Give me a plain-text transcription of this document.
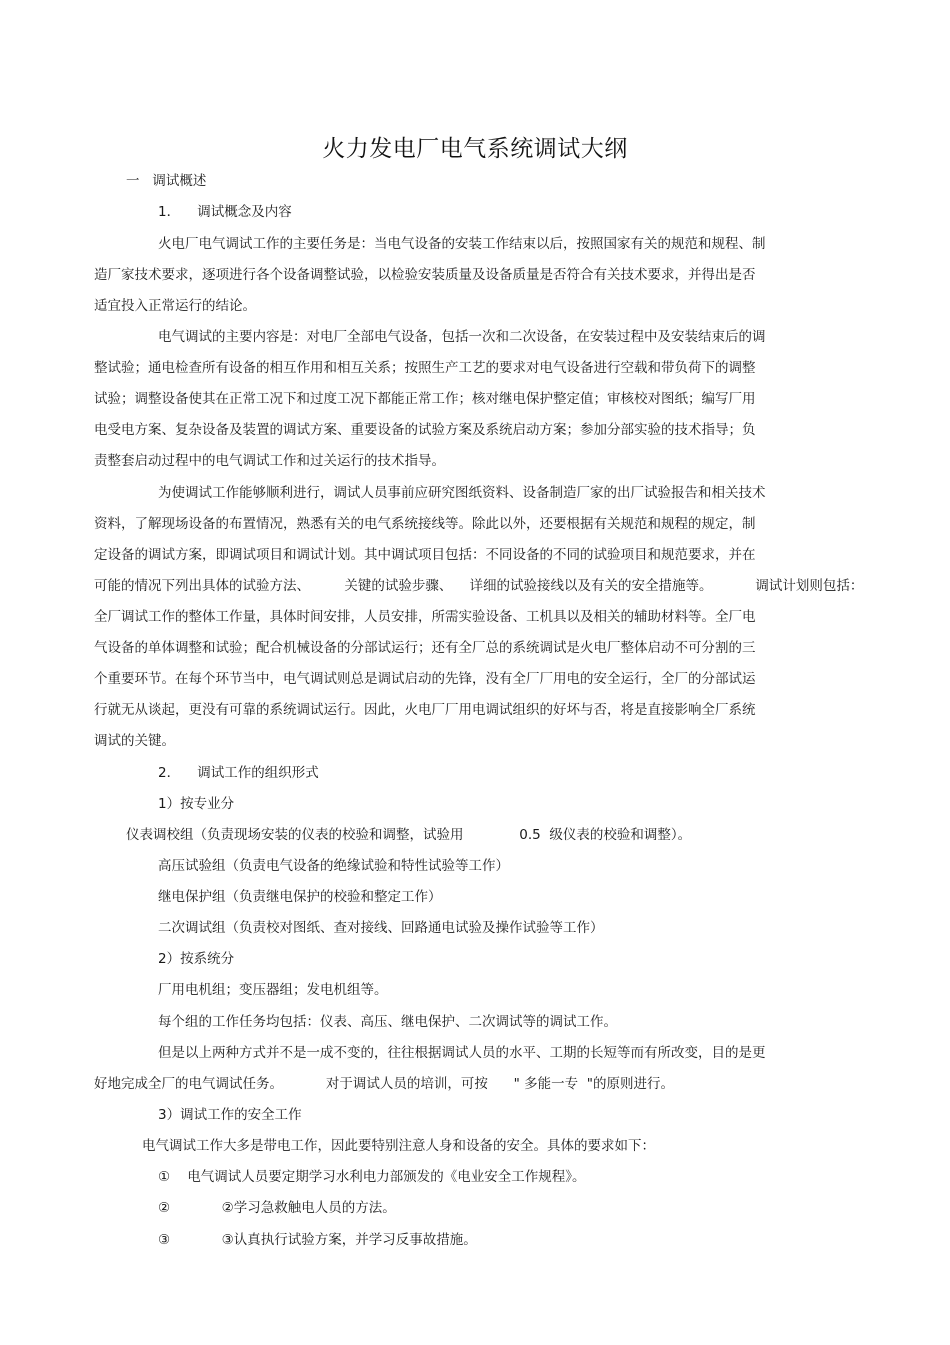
火力发电厂电气系统调试大纲
一   调试概述
1．    调试概念及内容
火电厂电气调试工作的主要任务是：当电气设备的安装工作结束以后，按照国家有关的规范和规程、制
造厂家技术要求，逐项进行各个设备调整试验，以检验安装质量及设备质量是否符合有关技术要求，并得出是否
适宜投入正常运行的结论。
电气调试的主要内容是：对电厂全部电气设备，包括一次和二次设备，在安装过程中及安装结束后的调
整试验；通电检查所有设备的相互作用和相互关系；按照生产工艺的要求对电气设备进行空载和带负荷下的调整
试验；调整设备使其在正常工况下和过度工况下都能正常工作；核对继电保护整定值；审核校对图纸；编写厂用
电受电方案、复杂设备及装置的调试方案、重要设备的试验方案及系统启动方案；参加分部实验的技术指导；负
责整套启动过程中的电气调试工作和过关运行的技术指导。
为使调试工作能够顺利进行，调试人员事前应研究图纸资料、设备制造厂家的出厂试验报告和相关技术
资料，了解现场设备的布置情况，熟悉有关的电气系统接线等。除此以外，还要根据有关规范和规程的规定，制
定设备的调试方案，即调试项目和调试计划。其中调试项目包括：不同设备的不同的试验项目和规范要求，并在
可能的情况下列出具体的试验方法、        关键的试验步骤、    详细的试验接线以及有关的安全措施等。          调试计划则包括：
全厂调试工作的整体工作量，具体时间安排，人员安排，所需实验设备、工机具以及相关的辅助材料等。全厂电
气设备的单体调整和试验；配合机械设备的分部试运行；还有全厂总的系统调试是火电厂整体启动不可分割的三
个重要环节。在每个环节当中，电气调试则总是调试启动的先锋，没有全厂厂用电的安全运行，全厂的分部试运
行就无从谈起，更没有可靠的系统调试运行。因此，火电厂厂用电调试组织的好坏与否，将是直接影响全厂系统
调试的关键。
2．    调试工作的组织形式
1）按专业分
仪表调校组（负责现场安装的仪表的校验和调整，试验用             0.5  级仪表的校验和调整）。
高压试验组（负责电气设备的绝缘试验和特性试验等工作）
继电保护组（负责继电保护的校验和整定工作）
二次调试组（负责校对图纸、查对接线、回路通电试验及操作试验等工作）
2）按系统分
厂用电机组；变压器组；发电机组等。
每个组的工作任务均包括：仪表、高压、继电保护、二次调试等的调试工作。
但是以上两种方式并不是一成不变的，往往根据调试人员的水平、工期的长短等而有所改变，目的是更
好地完成全厂的电气调试任务。          对于调试人员的培训，可按      " 多能一专  "的原则进行。
3）调试工作的安全工作
电气调试工作大多是带电工作，因此要特别注意人身和设备的安全。具体的要求如下：
①    电气调试人员要定期学习水利电力部颁发的《电业安全工作规程》。
②            ②学习急救触电人员的方法。
③            ③认真执行试验方案，并学习反事故措施。
